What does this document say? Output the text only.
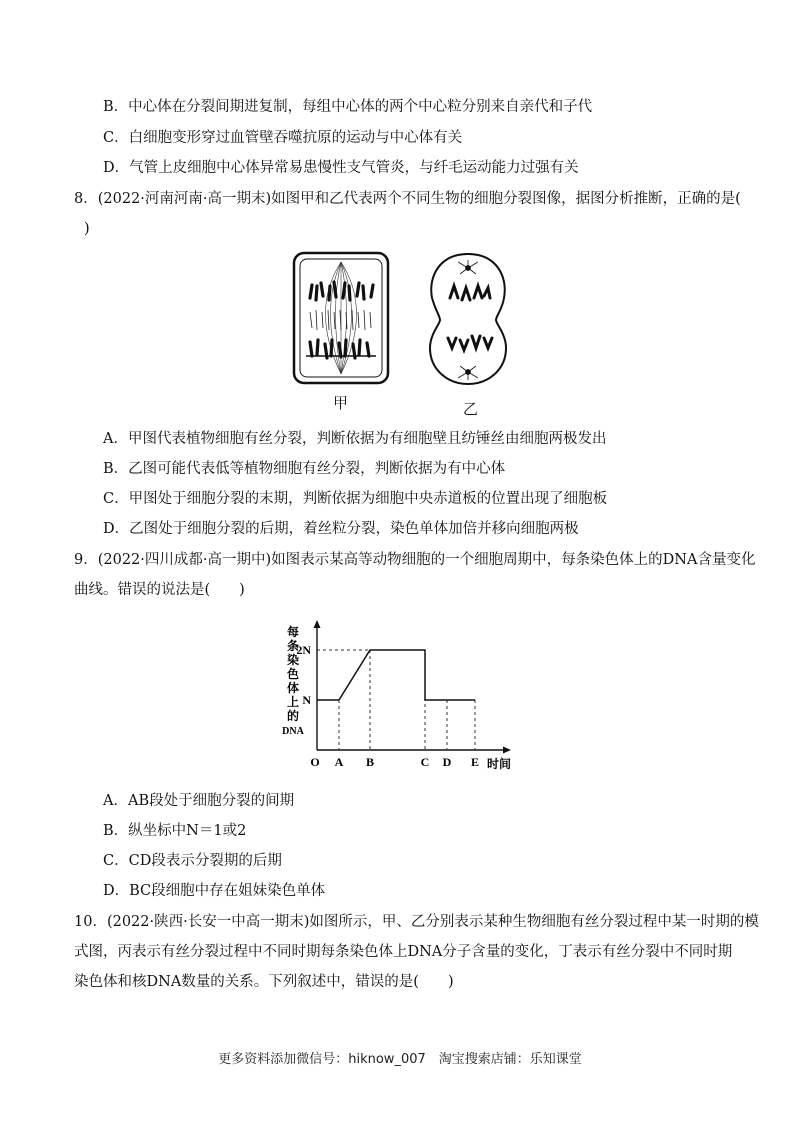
B．中心体在分裂间期进复制，每组中心体的两个中心粒分别来自亲代和子代
C．白细胞变形穿过血管壁吞噬抗原的运动与中心体有关
D．气管上皮细胞中心体异常易患慢性支气管炎，与纤毛运动能力过强有关
8．(2022·河南河南·高一期末)如图甲和乙代表两个不同生物的细胞分裂图像，据图分析推断，正确的是(
)
甲	乙
A．甲图代表植物细胞有丝分裂，判断依据为有细胞壁且纺锤丝由细胞两极发出
B．乙图可能代表低等植物细胞有丝分裂，判断依据为有中心体
C．甲图处于细胞分裂的末期，判断依据为细胞中央赤道板的位置出现了细胞板
D．乙图处于细胞分裂的后期，着丝粒分裂，染色单体加倍并移向细胞两极
9．(2022·四川成都·高一期中)如图表示某高等动物细胞的一个细胞周期中，每条染色体上的DNA含量变化
曲线。错误的说法是(　　)
每
条
染
色
体
上
的
DNA
N
2N
O A B	C D E 时间
A．AB段处于细胞分裂的间期
B．纵坐标中N＝1或2
C．CD段表示分裂期的后期
D．BC段细胞中存在姐妹染色单体
10．(2022·陕西·长安一中高一期末)如图所示，甲、乙分别表示某种生物细胞有丝分裂过程中某一时期的模
式图，丙表示有丝分裂过程中不同时期每条染色体上DNA分子含量的变化，丁表示有丝分裂中不同时期
染色体和核DNA数量的关系。下列叙述中，错误的是(　　)
更多资料添加微信号：hiknow_007　淘宝搜索店铺：乐知课堂
